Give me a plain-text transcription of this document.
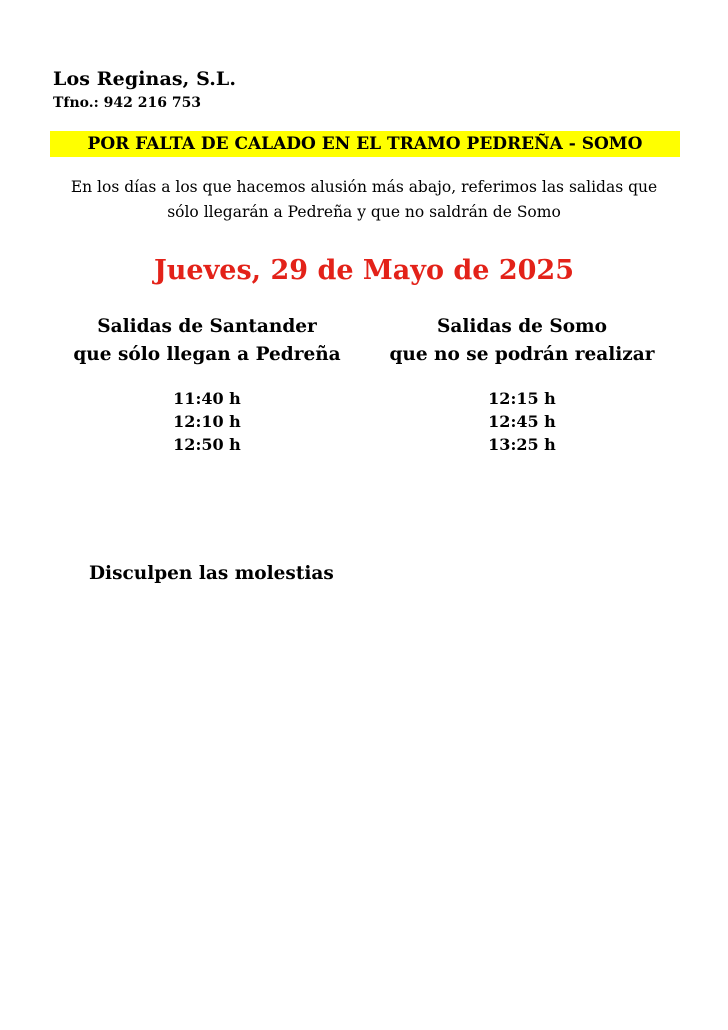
Los Reginas, S.L.
Tfno.: 942 216 753
POR FALTA DE CALADO EN EL TRAMO PEDREÑA - SOMO
En los días a los que hacemos alusión más abajo, referimos las salidas que
sólo llegarán a Pedreña y que no saldrán de Somo
Jueves, 29 de Mayo de 2025
Salidas de Santander
que sólo llegan a Pedreña
11:40 h
12:10 h
12:50 h
Salidas de Somo
que no se podrán realizar
12:15 h
12:45 h
13:25 h
Disculpen las molestias
